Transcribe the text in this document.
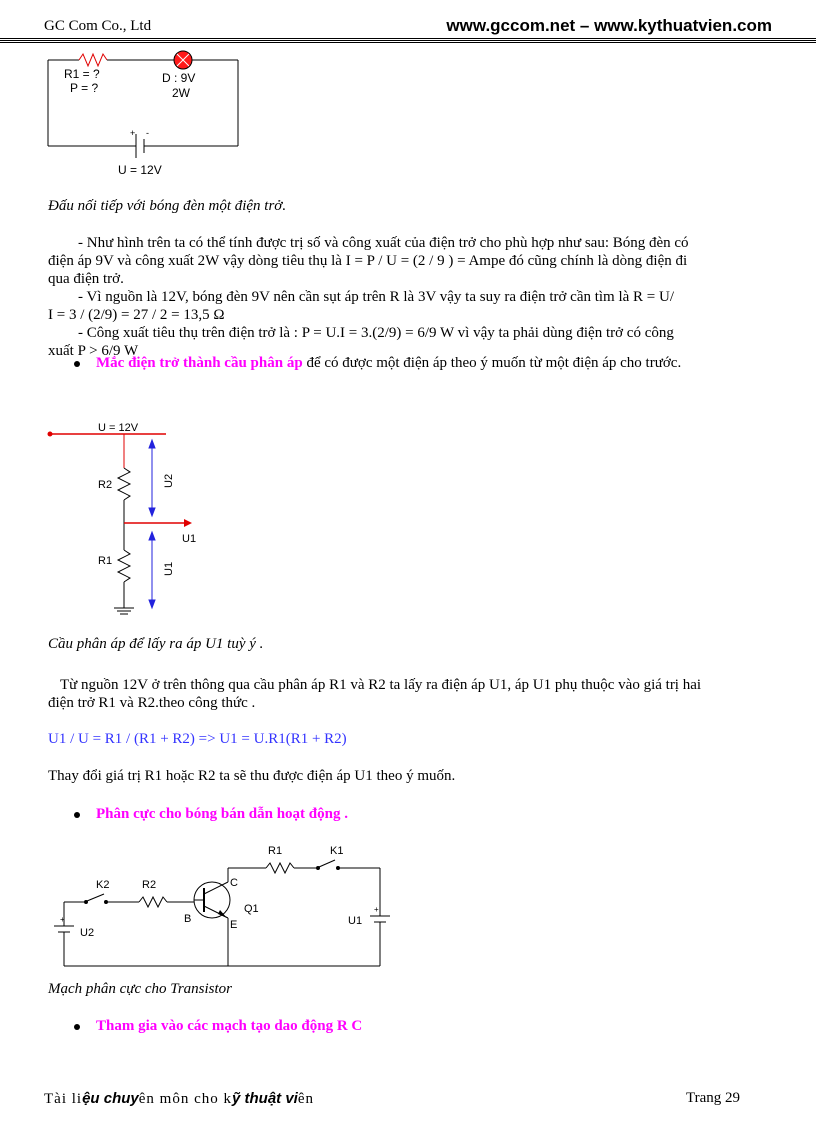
GC Com Co., Ltd	www.gccom.net – www.kythuatvien.com
+ -
R1 = ?
P = ?
D : 9V
2W
U = 12V
Đấu nối tiếp với bóng đèn một điện trở.
- Như hình trên ta có thể tính được trị số và công xuất của điện trở cho phù hợp như sau: Bóng đèn có
điện áp 9V và công xuất 2W vậy dòng tiêu thụ là I = P / U = (2 / 9 ) = Ampe đó cũng chính là dòng điện đi
qua điện trở.
- Vì nguồn là 12V, bóng đèn 9V nên cần sụt áp trên R là 3V vậy ta suy ra điện trở cần tìm là R = U/
I = 3 / (2/9) = 27 / 2 = 13,5 Ω
- Công xuất tiêu thụ trên điện trở là : P = U.I = 3.(2/9) = 6/9 W vì vậy ta phải dùng điện trở có công
xuất P > 6/9 W
Mắc điện trở thành cầu phân áp để có được một điện áp theo ý muốn từ một điện áp cho trước.
U = 12V
R2
R1
U2
U1
U1
Cầu phân áp để lấy ra áp U1 tuỳ ý .
Từ nguồn 12V ở trên thông qua cầu phân áp R1 và R2 ta lấy ra điện áp U1, áp U1 phụ thuộc vào giá trị hai
điện trở R1 và R2.theo công thức .
U1 / U = R1 / (R1 + R2) => U1 = U.R1(R1 + R2)
Thay đổi giá trị R1 hoặc R2 ta sẽ thu được điện áp U1 theo ý muốn.
Phân cực cho bóng bán dẫn hoạt động .
+
+
R1	K1
K2	R2	C
B	E
Q1
U2
U1
Mạch phân cực cho Transistor
Tham gia vào các mạch tạo dao động R C
Tài liệu chuyên môn cho kỹ thuật viên	Trang 29
